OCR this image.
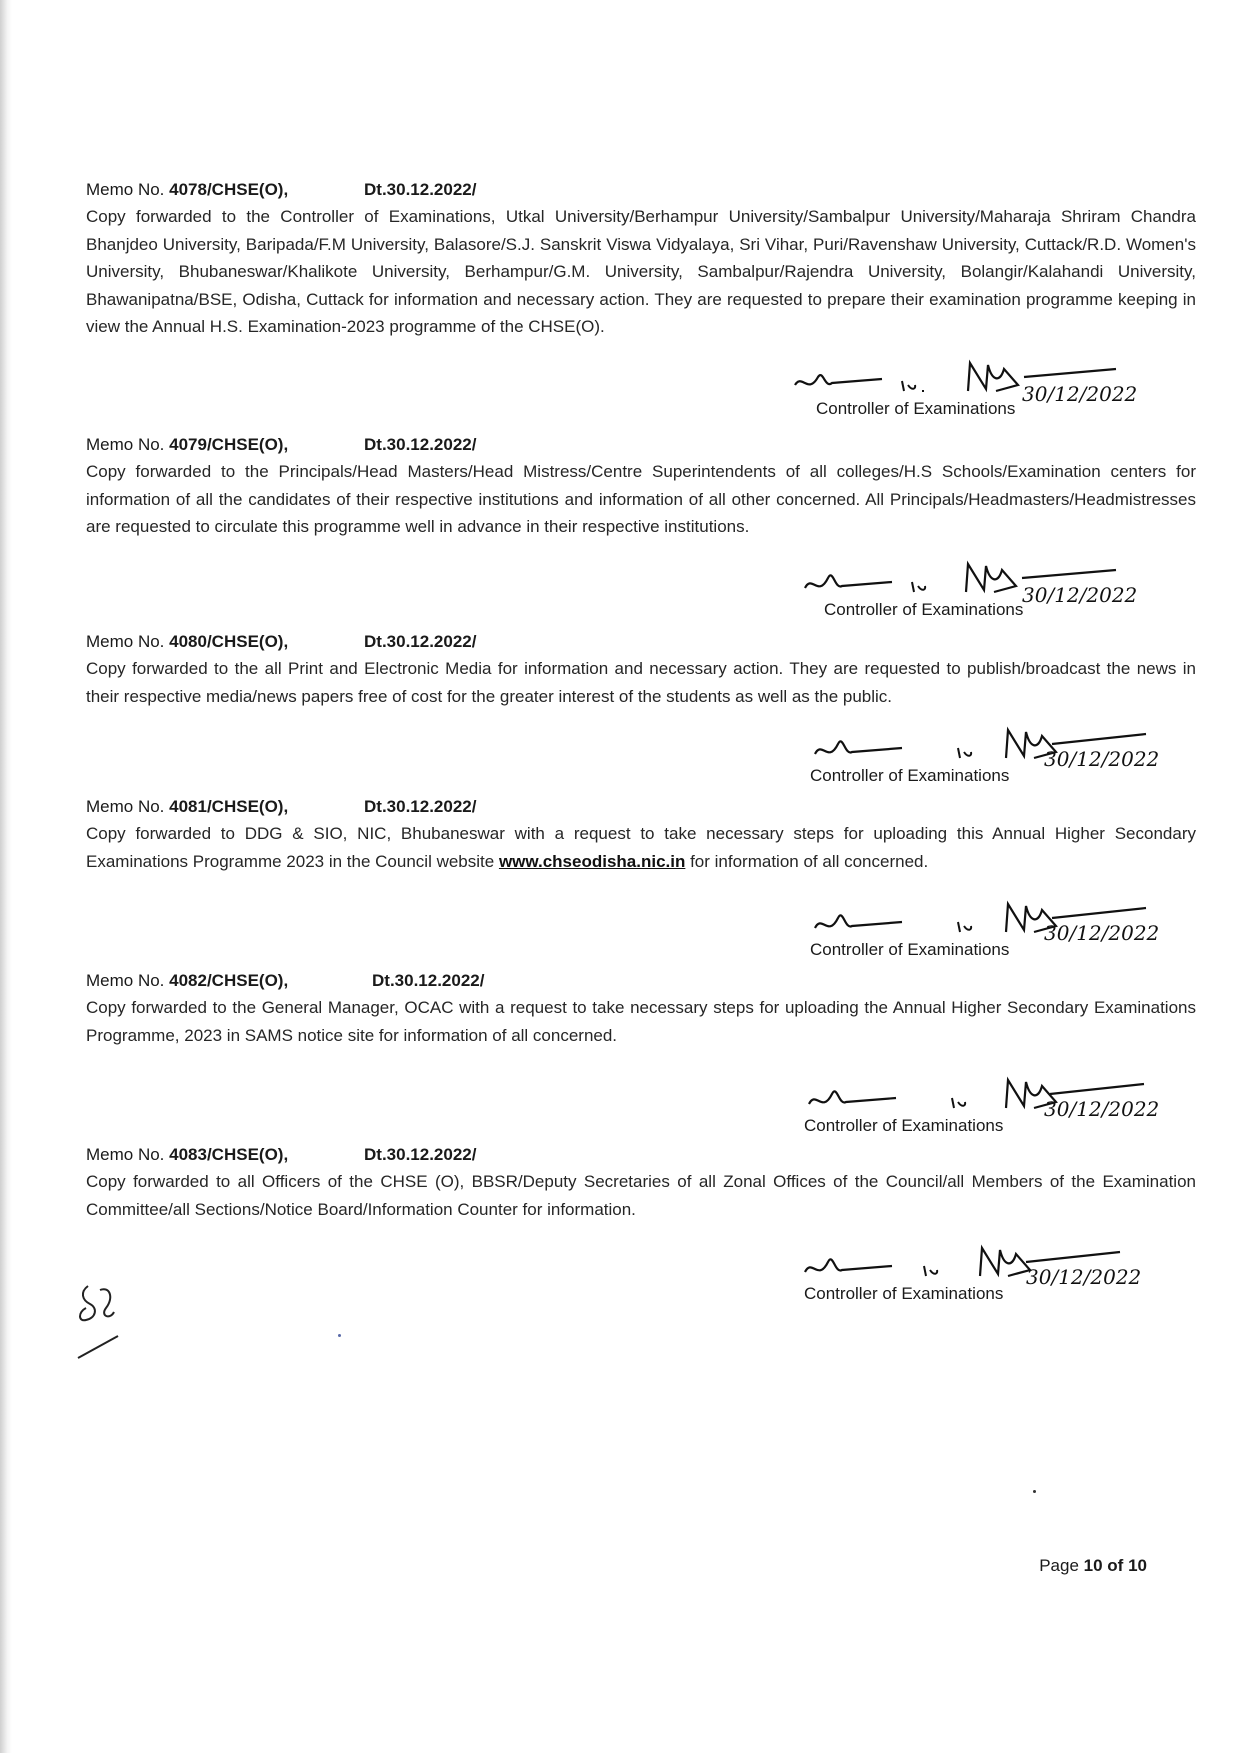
Memo No. 4078/CHSE(O),	Dt.30.12.2022/

Copy forwarded to the Controller of Examinations, Utkal University/Berhampur University/Sambalpur University/Maharaja Shriram Chandra Bhanjdeo University, Baripada/F.M University, Balasore/S.J. Sanskrit Viswa Vidyalaya, Sri Vihar, Puri/Ravenshaw University, Cuttack/R.D. Women's University, Bhubaneswar/Khalikote University, Berhampur/G.M. University, Sambalpur/Rajendra University, Bolangir/Kalahandi University, Bhawanipatna/BSE, Odisha, Cuttack for information and necessary action. They are requested to prepare their examination programme keeping in view the Annual H.S. Examination-2023 programme of the CHSE(O).

30/12/2022
Controller of Examinations
Memo No. 4079/CHSE(O),	Dt.30.12.2022/

Copy forwarded to the Principals/Head Masters/Head Mistress/Centre Superintendents of all colleges/H.S Schools/Examination centers for information of all the candidates of their respective institutions and information of all other concerned. All Principals/Headmasters/Headmistresses are requested to circulate this programme well in advance in their respective institutions.

30/12/2022
Controller of Examinations
Memo No. 4080/CHSE(O),	Dt.30.12.2022/

Copy forwarded to the all Print and Electronic Media for information and necessary action. They are requested to publish/broadcast the news in their respective media/news papers free of cost for the greater interest of the students as well as the public.

30/12/2022
Controller of Examinations
Memo No. 4081/CHSE(O),	Dt.30.12.2022/

Copy forwarded to DDG & SIO, NIC, Bhubaneswar with a request to take necessary steps for uploading this Annual Higher Secondary Examinations Programme 2023 in the Council website www.chseodisha.nic.in for information of all concerned.

30/12/2022
Controller of Examinations
Memo No. 4082/CHSE(O),	Dt.30.12.2022/

Copy forwarded to the General Manager, OCAC with a request to take necessary steps for uploading the Annual Higher Secondary Examinations Programme, 2023 in SAMS notice site for information of all concerned.

30/12/2022
Controller of Examinations
Memo No. 4083/CHSE(O),	Dt.30.12.2022/

Copy forwarded to all Officers of the CHSE (O), BBSR/Deputy Secretaries of all Zonal Offices of the Council/all Members of the Examination Committee/all Sections/Notice Board/Information Counter for information.

30/12/2022
Controller of Examinations
Page 10 of 10
